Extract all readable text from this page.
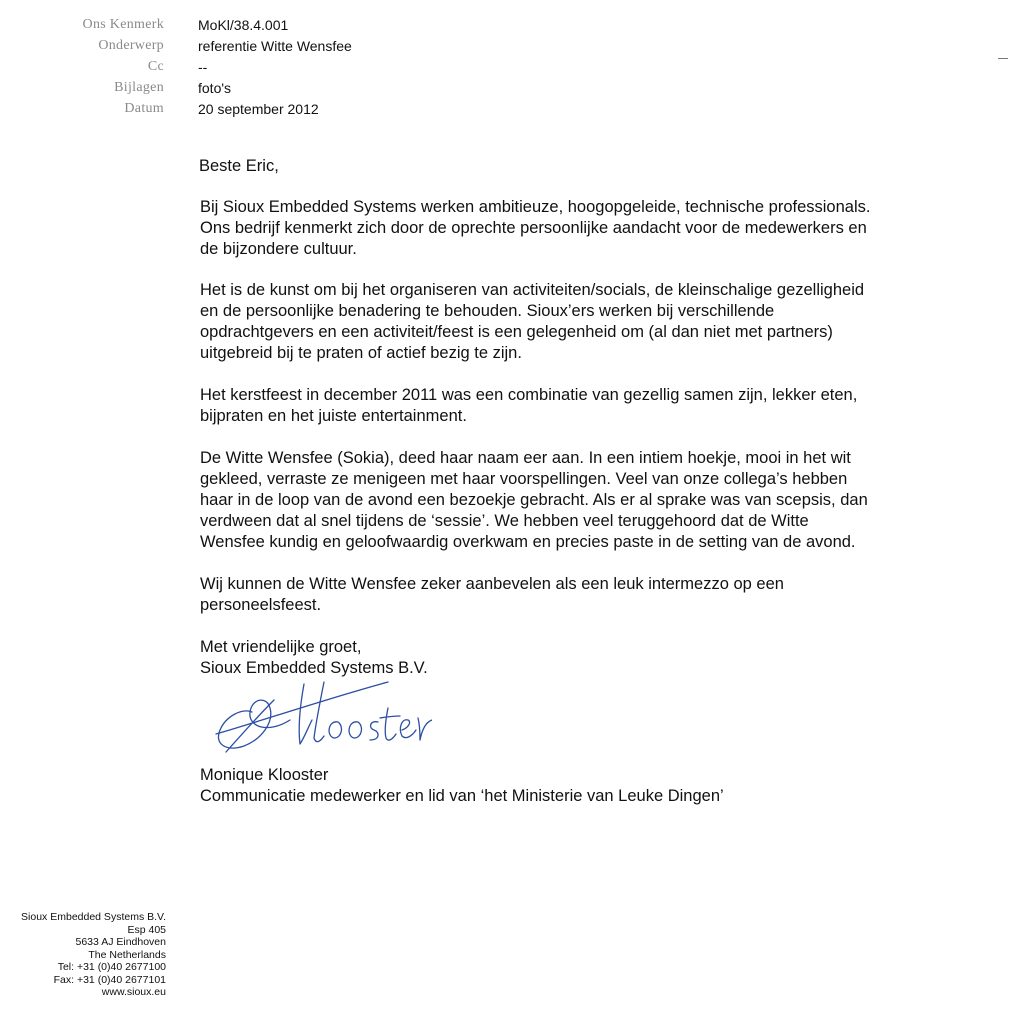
Ons Kenmerk MoKl/38.4.001
Onderwerp referentie Witte Wensfee
Cc --
Bijlagen foto's
Datum 20 september 2012
Beste Eric,
Bij Sioux Embedded Systems werken ambitieuze, hoogopgeleide, technische professionals.
Ons bedrijf kenmerkt zich door de oprechte persoonlijke aandacht voor de medewerkers en
de bijzondere cultuur.
Het is de kunst om bij het organiseren van activiteiten/socials, de kleinschalige gezelligheid
en de persoonlijke benadering te behouden. Sioux’ers werken bij verschillende
opdrachtgevers en een activiteit/feest is een gelegenheid om (al dan niet met partners)
uitgebreid bij te praten of actief bezig te zijn.
Het kerstfeest in december 2011 was een combinatie van gezellig samen zijn, lekker eten,
bijpraten en het juiste entertainment.
De Witte Wensfee (Sokia), deed haar naam eer aan. In een intiem hoekje, mooi in het wit
gekleed, verraste ze menigeen met haar voorspellingen. Veel van onze collega’s hebben
haar in de loop van de avond een bezoekje gebracht. Als er al sprake was van scepsis, dan
verdween dat al snel tijdens de ‘sessie’. We hebben veel teruggehoord dat de Witte
Wensfee kundig en geloofwaardig overkwam en precies paste in de setting van de avond.
Wij kunnen de Witte Wensfee zeker aanbevelen als een leuk intermezzo op een
personeelsfeest.
Met vriendelijke groet,
Sioux Embedded Systems B.V.
Monique Klooster
Communicatie medewerker en lid van ‘het Ministerie van Leuke Dingen’
Sioux Embedded Systems B.V.
Esp 405
5633 AJ Eindhoven
The Netherlands
Tel: +31 (0)40 2677100
Fax: +31 (0)40 2677101
www.sioux.eu
